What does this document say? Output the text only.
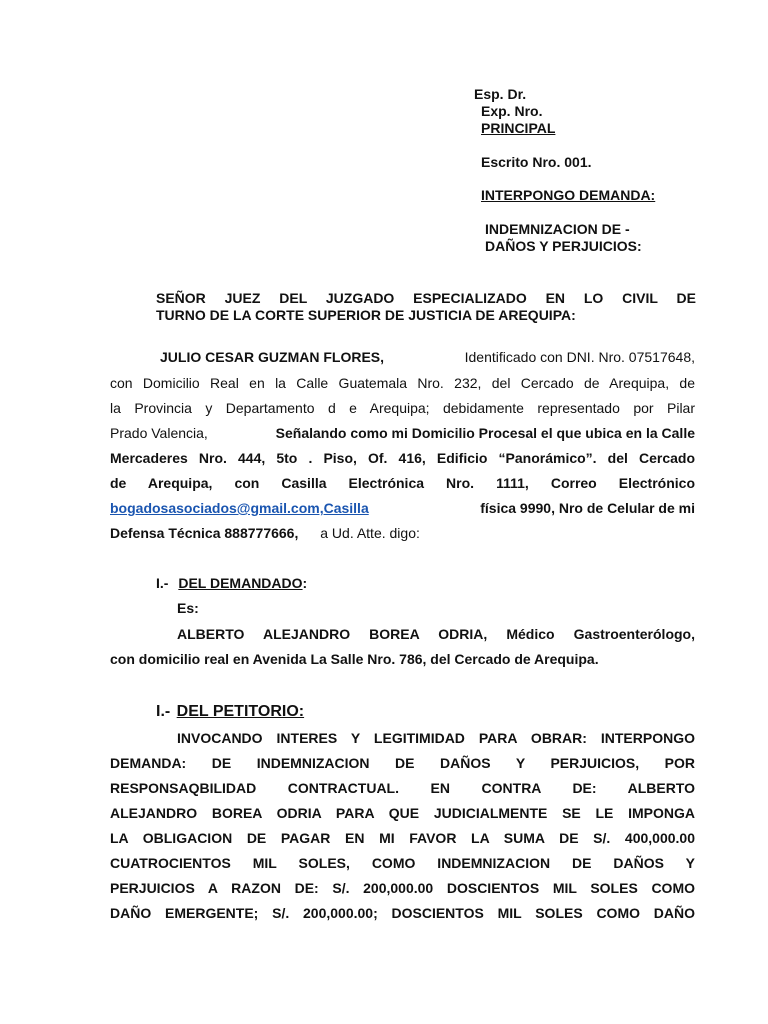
Esp. Dr.
Exp. Nro.
PRINCIPAL
Escrito Nro. 001.
INTERPONGO DEMANDA:
INDEMNIZACION DE -
DAÑOS Y PERJUICIOS:
SEÑOR JUEZ DEL JUZGADO ESPECIALIZADO EN LO CIVIL DE
TURNO DE LA CORTE SUPERIOR DE JUSTICIA DE AREQUIPA:
JULIO CESAR GUZMAN FLORES,	Identificado con DNI. Nro. 07517648,
con Domicilio Real en la Calle Guatemala Nro. 232, del Cercado de Arequipa, de
la Provincia y Departamento d e Arequipa; debidamente representado por Pilar
Prado Valencia,	Señalando como mi Domicilio Procesal el que ubica en la Calle
Mercaderes Nro. 444, 5to . Piso, Of. 416, Edificio “Panorámico”. del Cercado
de Arequipa, con Casilla Electrónica Nro. 1111, Correo Electrónico
bogadosasociados@gmail.com,Casilla	física 9990, Nro de Celular de mi
Defensa Técnica 888777666, a Ud. Atte. digo:
I.- DEL DEMANDADO:
Es:
ALBERTO ALEJANDRO BOREA ODRIA, Médico Gastroenterólogo,
con domicilio real en Avenida La Salle Nro. 786, del Cercado de Arequipa.
I.- DEL PETITORIO:
INVOCANDO INTERES Y LEGITIMIDAD PARA OBRAR: INTERPONGO
DEMANDA: DE INDEMNIZACION DE DAÑOS Y PERJUICIOS, POR
RESPONSAQBILIDAD CONTRACTUAL. EN CONTRA DE: ALBERTO
ALEJANDRO BOREA ODRIA PARA QUE JUDICIALMENTE SE LE IMPONGA
LA OBLIGACION DE PAGAR EN MI FAVOR LA SUMA DE S/. 400,000.00
CUATROCIENTOS MIL SOLES, COMO INDEMNIZACION DE DAÑOS Y
PERJUICIOS A RAZON DE: S/. 200,000.00 DOSCIENTOS MIL SOLES COMO
DAÑO EMERGENTE; S/. 200,000.00; DOSCIENTOS MIL SOLES COMO DAÑO
